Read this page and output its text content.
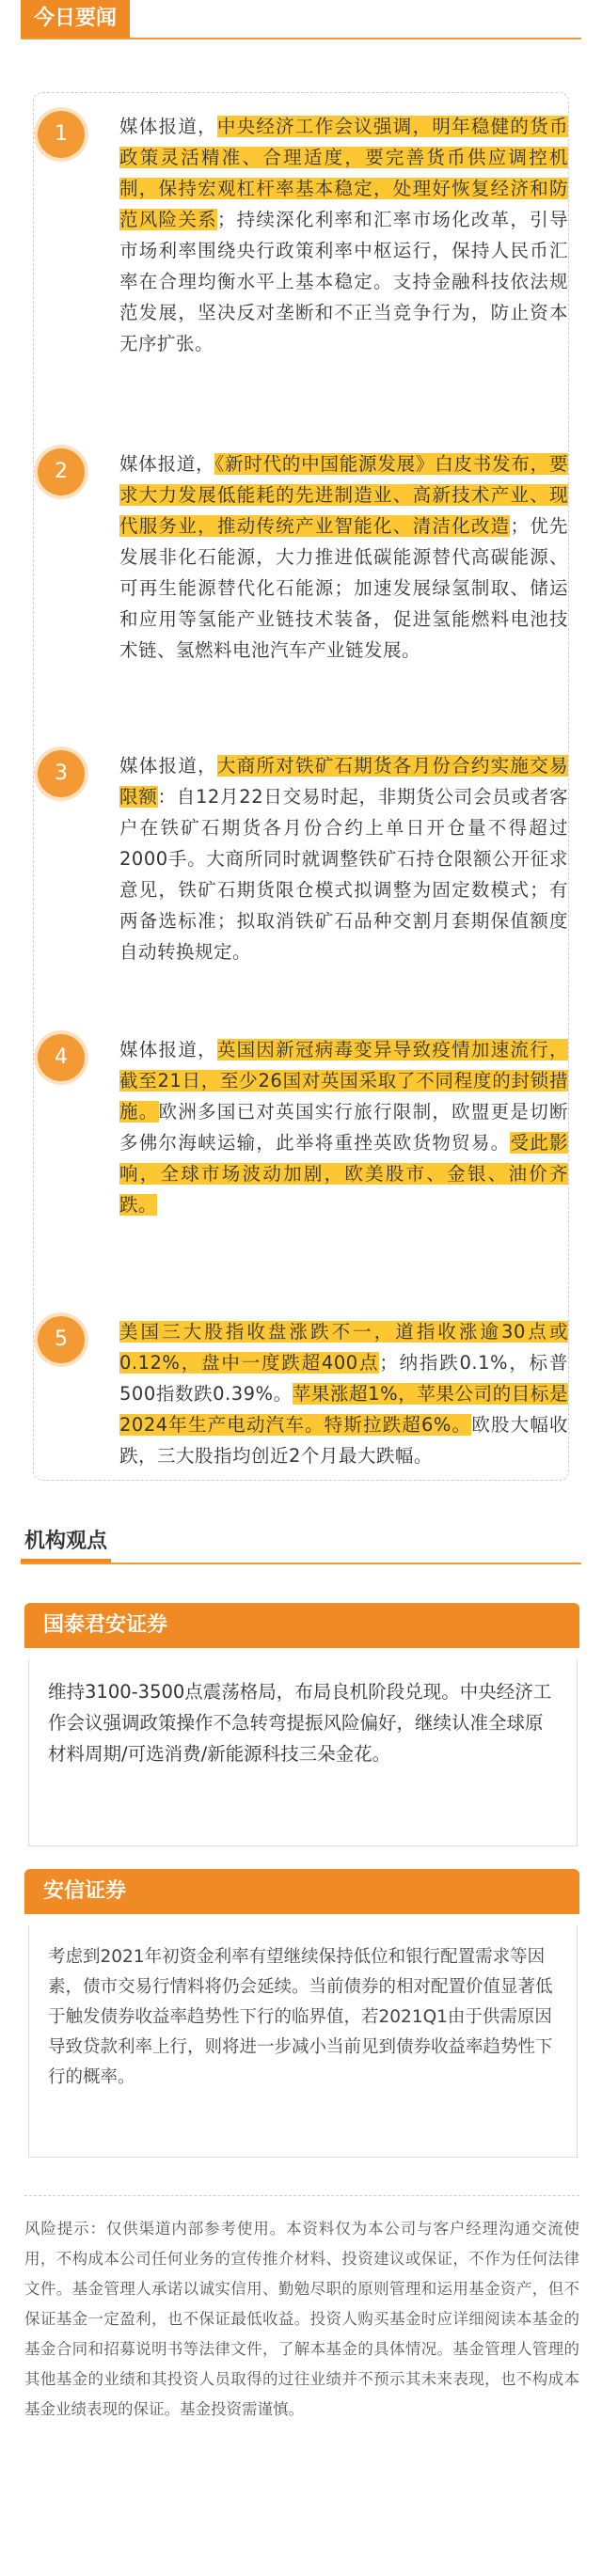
今日要闻
1	媒体报道，中央经济工作会议强调，明年稳健的货币政策灵活精准、合理适度，要完善货币供应调控机制，保持宏观杠杆率基本稳定，处理好恢复经济和防范风险关系；持续深化利率和汇率市场化改革，引导市场利率围绕央行政策利率中枢运行，保持人民币汇率在合理均衡水平上基本稳定。支持金融科技依法规范发展，坚决反对垄断和不正当竞争行为，防止资本无序扩张。
2	媒体报道，《新时代的中国能源发展》白皮书发布，要求大力发展低能耗的先进制造业、高新技术产业、现代服务业，推动传统产业智能化、清洁化改造；优先发展非化石能源，大力推进低碳能源替代高碳能源、可再生能源替代化石能源；加速发展绿氢制取、储运和应用等氢能产业链技术装备，促进氢能燃料电池技术链、氢燃料电池汽车产业链发展。
3	媒体报道，大商所对铁矿石期货各月份合约实施交易限额：自12月22日交易时起，非期货公司会员或者客户在铁矿石期货各月份合约上单日开仓量不得超过2000手。大商所同时就调整铁矿石持仓限额公开征求意见，铁矿石期货限仓模式拟调整为固定数模式；有两备选标准；拟取消铁矿石品种交割月套期保值额度自动转换规定。
4	媒体报道，英国因新冠病毒变异导致疫情加速流行，截至21日，至少26国对英国采取了不同程度的封锁措施。欧洲多国已对英国实行旅行限制，欧盟更是切断多佛尔海峡运输，此举将重挫英欧货物贸易。受此影响，全球市场波动加剧，欧美股市、金银、油价齐跌。
5	美国三大股指收盘涨跌不一，道指收涨逾30点或0.12%，盘中一度跌超400点；纳指跌0.1%，标普500指数跌0.39%。苹果涨超1%，苹果公司的目标是2024年生产电动汽车。特斯拉跌超6%。欧股大幅收跌，三大股指均创近2个月最大跌幅。
机构观点
国泰君安证券

维持3100-3500点震荡格局，布局良机阶段兑现。中央经济工作会议强调政策操作不急转弯提振风险偏好，继续认准全球原材料周期/可选消费/新能源科技三朵金花。

安信证券

考虑到2021年初资金利率有望继续保持低位和银行配置需求等因素，债市交易行情料将仍会延续。当前债券的相对配置价值显著低于触发债券收益率趋势性下行的临界值，若2021Q1由于供需原因导致贷款利率上行，则将进一步减小当前见到债券收益率趋势性下行的概率。

风险提示：仅供渠道内部参考使用。本资料仅为本公司与客户经理沟通交流使用，不构成本公司任何业务的宣传推介材料、投资建议或保证，不作为任何法律文件。基金管理人承诺以诚实信用、勤勉尽职的原则管理和运用基金资产，但不保证基金一定盈利，也不保证最低收益。投资人购买基金时应详细阅读本基金的基金合同和招募说明书等法律文件，了解本基金的具体情况。基金管理人管理的其他基金的业绩和其投资人员取得的过往业绩并不预示其未来表现，也不构成本基金业绩表现的保证。基金投资需谨慎。
